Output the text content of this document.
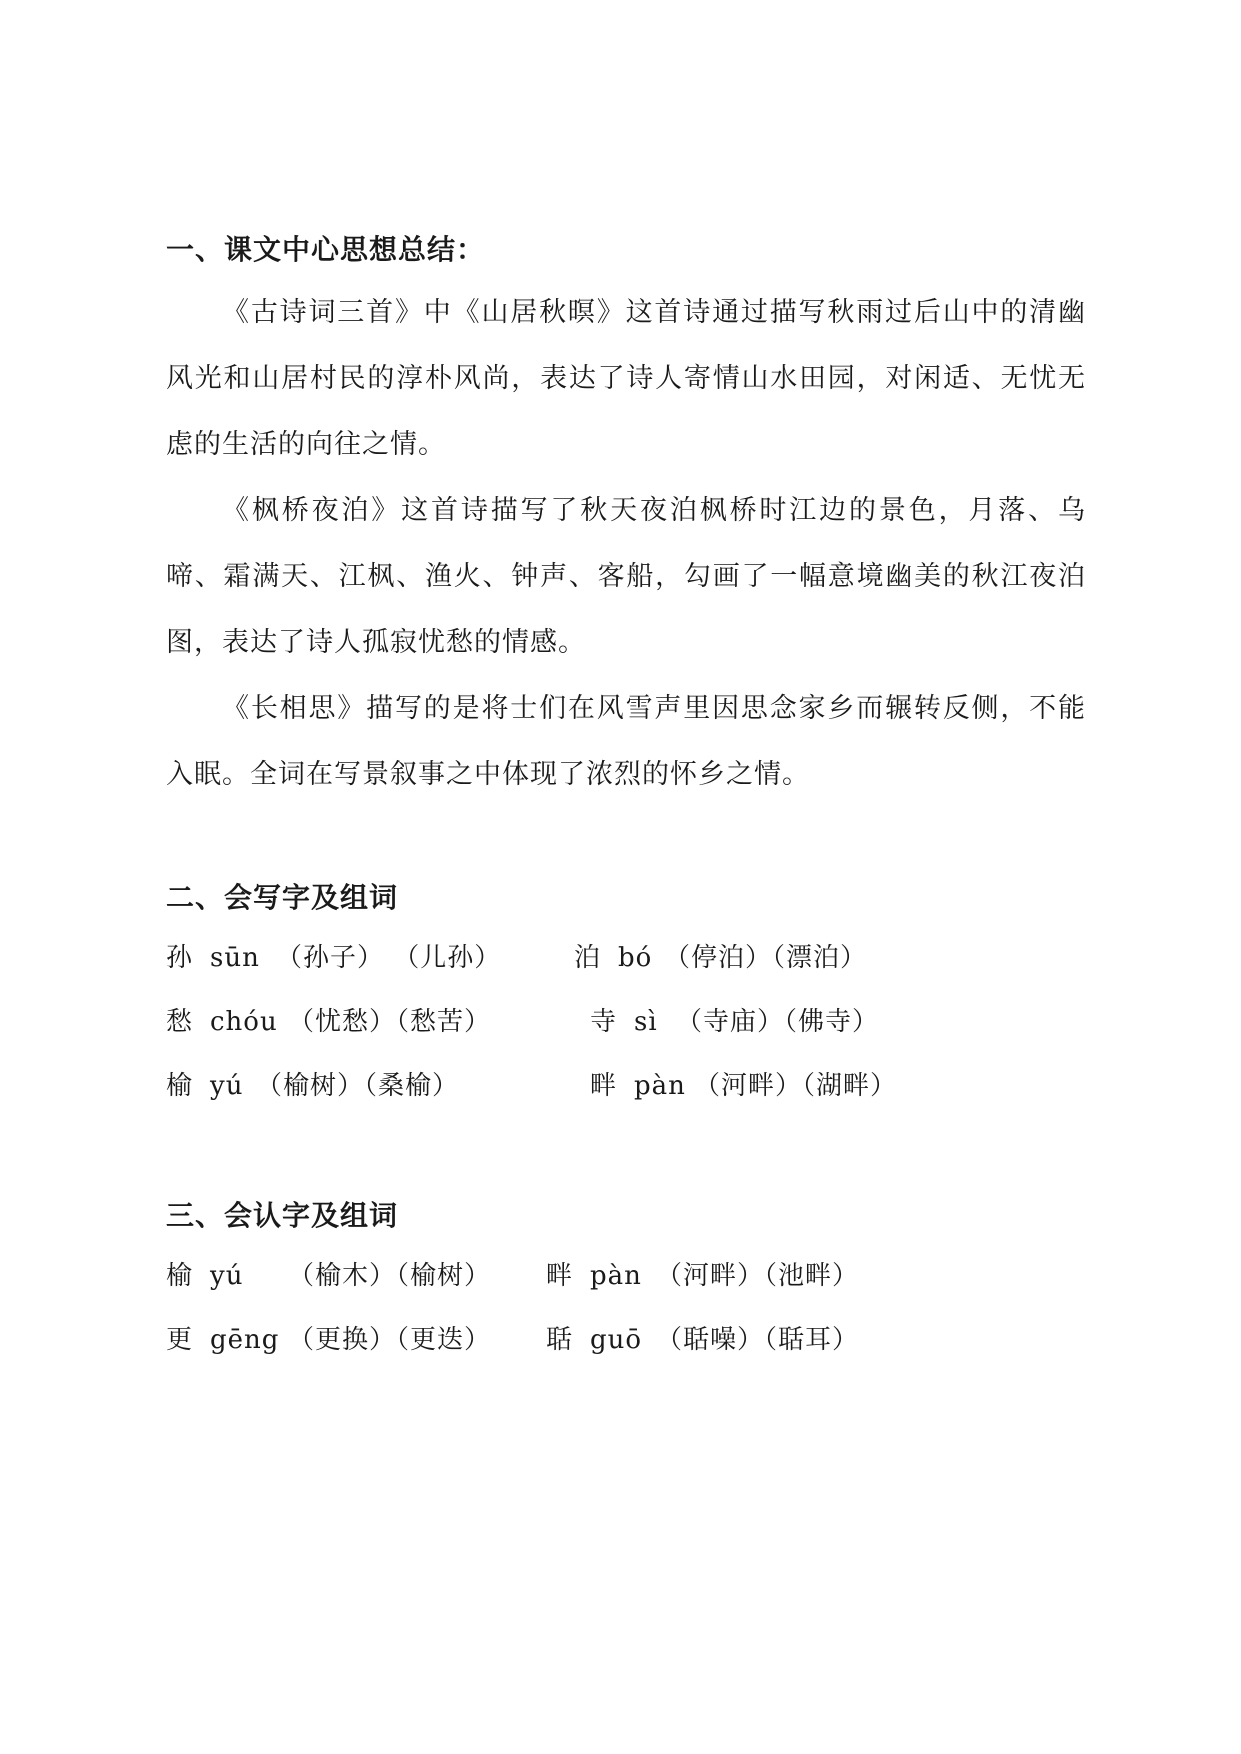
一、课文中心思想总结：
《古诗词三首》中《山居秋暝》这首诗通过描写秋雨过后山中的清幽风光和山居村民的淳朴风尚，表达了诗人寄情山水田园，对闲适、无忧无虑的生活的向往之情。
《枫桥夜泊》这首诗描写了秋天夜泊枫桥时江边的景色，月落、乌啼、霜满天、江枫、渔火、钟声、客船，勾画了一幅意境幽美的秋江夜泊图，表达了诗人孤寂忧愁的情感。
《长相思》描写的是将士们在风雪声里因思念家乡而辗转反侧，不能入眠。全词在写景叙事之中体现了浓烈的怀乡之情。
二、会写字及组词
孙 sūn （孙子） （儿孙）	泊 bó （停泊）（漂泊）
愁 chóu （忧愁）（愁苦）	寺 sì （寺庙）（佛寺）
榆 yú （榆树）（桑榆）	畔 pàn （河畔）（湖畔）
三、会认字及组词
榆 yú （榆木）（榆树） 畔 pàn （河畔）（池畔）
更 gēng （更换）（更迭） 聒 guō （聒噪）（聒耳）
